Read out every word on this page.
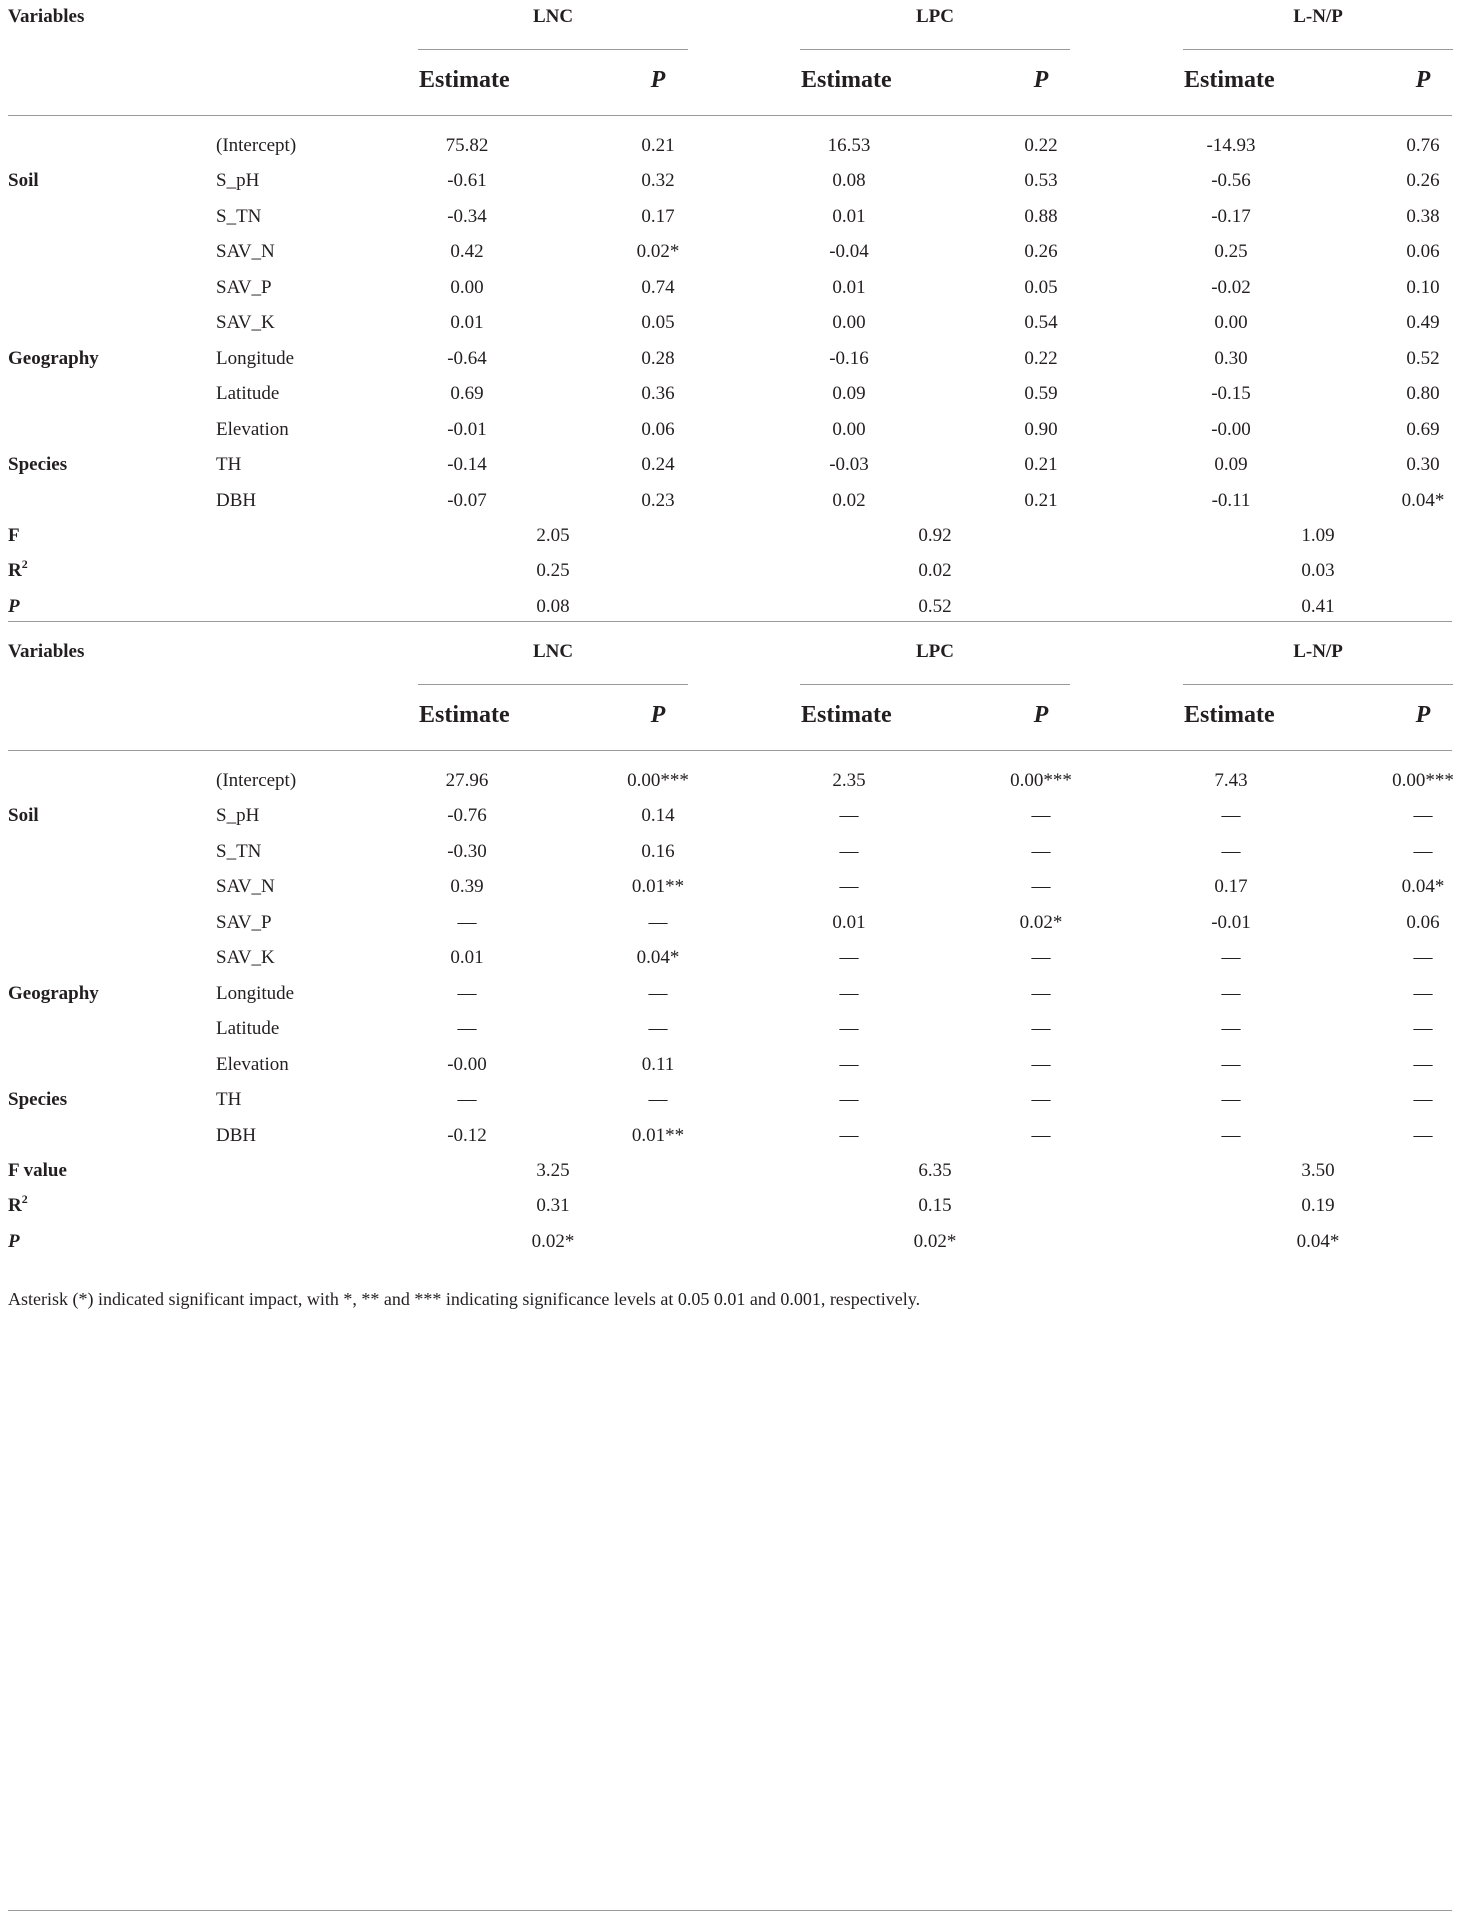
Variables	LNC
Estimate	P
LPC
Estimate	P
L-N/P
Estimate	P
(Intercept)	75.82	0.21	16.53	0.22	-14.93	0.76
Soil	S_pH	-0.61	0.32	0.08	0.53	-0.56	0.26
S_TN	-0.34	0.17	0.01	0.88	-0.17	0.38
SAV_N	0.42	0.02*	-0.04	0.26	0.25	0.06
SAV_P	0.00	0.74	0.01	0.05	-0.02	0.10
SAV_K	0.01	0.05	0.00	0.54	0.00	0.49
Geography	Longitude	-0.64	0.28	-0.16	0.22	0.30	0.52
Latitude	0.69	0.36	0.09	0.59	-0.15	0.80
Elevation	-0.01	0.06	0.00	0.90	-0.00	0.69
Species	TH	-0.14	0.24	-0.03	0.21	0.09	0.30
DBH	-0.07	0.23	0.02	0.21	-0.11	0.04*
F	2.05	0.92	1.09
$R^2$	0.25	0.02	0.03
P	0.08	0.52	0.41
Variables	LNC
Estimate	P
LPC
Estimate	P
L-N/P
Estimate	P
(Intercept)	27.96	0.00***	2.35	0.00***	7.43	0.00***
Soil	S_pH	-0.76	0.14	—	—	—	—
S_TN	-0.30	0.16	—	—	—	—
SAV_N	0.39	0.01**	—	—	0.17	0.04*
SAV_P	—	—	0.01	0.02*	-0.01	0.06
SAV_K	0.01	0.04*	—	—	—	—
Geography	Longitude	—	—	—	—	—	—
Latitude	—	—	—	—	—	—
Elevation	-0.00	0.11	—	—	—	—
Species	TH	—	—	—	—	—	—
DBH	-0.12	0.01**	—	—	—	—
F value	3.25	6.35	3.50
$R^2$	0.31	0.15	0.19
P	0.02*	0.02*	0.04*
Asterisk (*) indicated significant impact, with *, ** and *** indicating significance levels at 0.05 0.01 and 0.001, respectively.
